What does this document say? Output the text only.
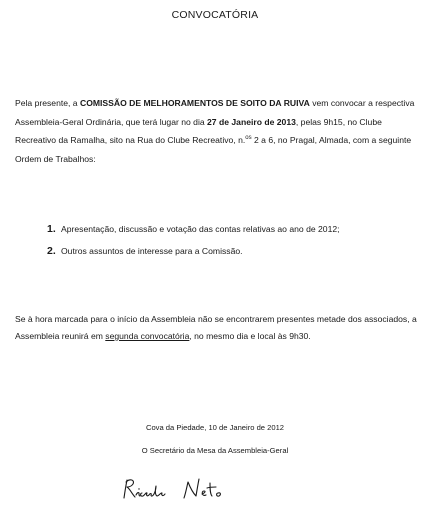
CONVOCATÓRIA

Pela presente, a COMISSÃO DE MELHORAMENTOS DE SOITO DA RUIVA vem convocar a respectiva Assembleia-Geral Ordinária, que terá lugar no dia 27 de Janeiro de 2013, pelas 9h15, no Clube Recreativo da Ramalha, sito na Rua do Clube Recreativo, n.$^{os}$ 2 a 6, no Pragal, Almada, com a seguinte Ordem de Trabalhos:

1. Apresentação, discussão e votação das contas relativas ao ano de 2012;
2. Outros assuntos de interesse para a Comissão.

Se à hora marcada para o início da Assembleia não se encontrarem presentes metade dos associados, a Assembleia reunirá em segunda convocatória, no mesmo dia e local às 9h30.

Cova da Piedade, 10 de Janeiro de 2012
O Secretário da Mesa da Assembleia-Geral
